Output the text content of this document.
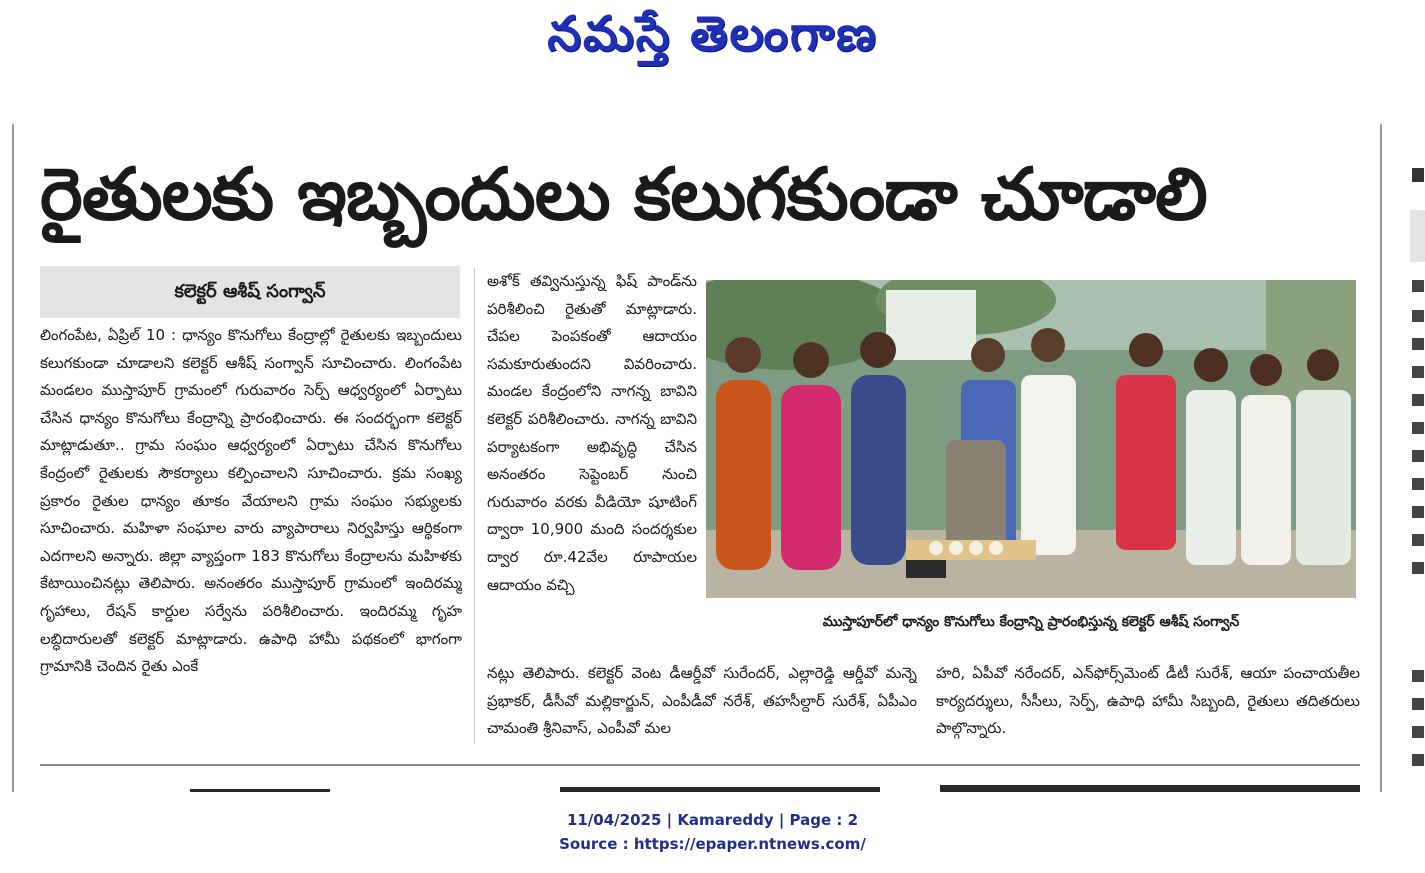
నమస్తే తెలంగాణ
రైతులకు ఇబ్బందులు కలుగకుండా చూడాలి
కలెక్టర్ ఆశీష్ సంగ్వాన్
లింగంపేట, ఏప్రిల్ 10 : ధాన్యం కొనుగోలు కేంద్రాల్లో రైతులకు ఇబ్బందులు కలుగకుండా చూడాలని కలెక్టర్ ఆశీష్ సంగ్వాన్ సూచించారు. లింగంపేట మండలం ముస్తాపూర్ గ్రామంలో గురువారం సెర్ప్ ఆధ్వర్యంలో ఏర్పాటు చేసిన ధాన్యం కొనుగోలు కేంద్రాన్ని ప్రారంభించారు. ఈ సందర్భంగా కలెక్టర్ మాట్లాడుతూ.. గ్రామ సంఘం ఆధ్వర్యంలో ఏర్పాటు చేసిన కొనుగోలు కేంద్రంలో రైతులకు సౌకర్యాలు కల్పించాలని సూచించారు. క్రమ సంఖ్య ప్రకారం రైతుల ధాన్యం తూకం వేయాలని గ్రామ సంఘం సభ్యులకు సూచించారు. మహిళా సంఘాల వారు వ్యాపారాలు నిర్వహిస్తు ఆర్థికంగా ఎదగాలని అన్నారు. జిల్లా వ్యాప్తంగా 183 కొనుగోలు కేంద్రాలను మహిళకు కేటాయించినట్లు తెలిపారు. అనంతరం ముస్తాపూర్ గ్రామంలో ఇందిరమ్మ గృహాలు, రేషన్ కార్డుల సర్వేను పరిశీలించారు. ఇందిరమ్మ గృహ లబ్ధిదారులతో కలెక్టర్ మాట్లాడారు. ఉపాధి హామీ పథకంలో భాగంగా గ్రామానికి చెందిన రైతు ఎంకే
అశోక్ తవ్వినుస్తున్న ఫిష్ పాండ్‌ను పరిశీలించి రైతుతో మాట్లాడారు. చేపల పెంపకంతో ఆదాయం సమకూరుతుందని వివరించారు. మండల కేంద్రంలోని నాగన్న బావిని కలెక్టర్ పరిశీలించారు. నాగన్న బావిని పర్యాటకంగా అభివృద్ధి చేసిన అనంతరం సెప్టెంబర్ నుంచి గురువారం వరకు వీడియో షూటింగ్ ద్వారా 10,900 మంది సందర్శకుల ద్వార రూ.42వేల రూపాయల ఆదాయం వచ్చి
ముస్తాపూర్‌లో ధాన్యం కొనుగోలు కేంద్రాన్ని ప్రారంభిస్తున్న కలెక్టర్ ఆశీష్ సంగ్వాన్
నట్లు తెలిపారు. కలెక్టర్ వెంట డీఆర్డీవో సురేందర్, ఎల్లారెడ్డి ఆర్డీవో మన్నె ప్రభాకర్, డీసీవో మల్లికార్జున్, ఎంపీడీవో నరేశ్, తహసీల్దార్ సురేశ్, ఏపీఎం చామంతి శ్రీనివాస్, ఎంపీవో మల
హరి, ఏపీవో నరేందర్, ఎన్‌ఫోర్స్‌మెంట్ డీటీ సురేశ్, ఆయా పంచాయతీల కార్యదర్శులు, సీసీలు, సెర్ప్, ఉపాధి హామీ సిబ్బంది, రైతులు తదితరులు పాల్గొన్నారు.
11/04/2025 | Kamareddy | Page : 2
Source : https://epaper.ntnews.com/
